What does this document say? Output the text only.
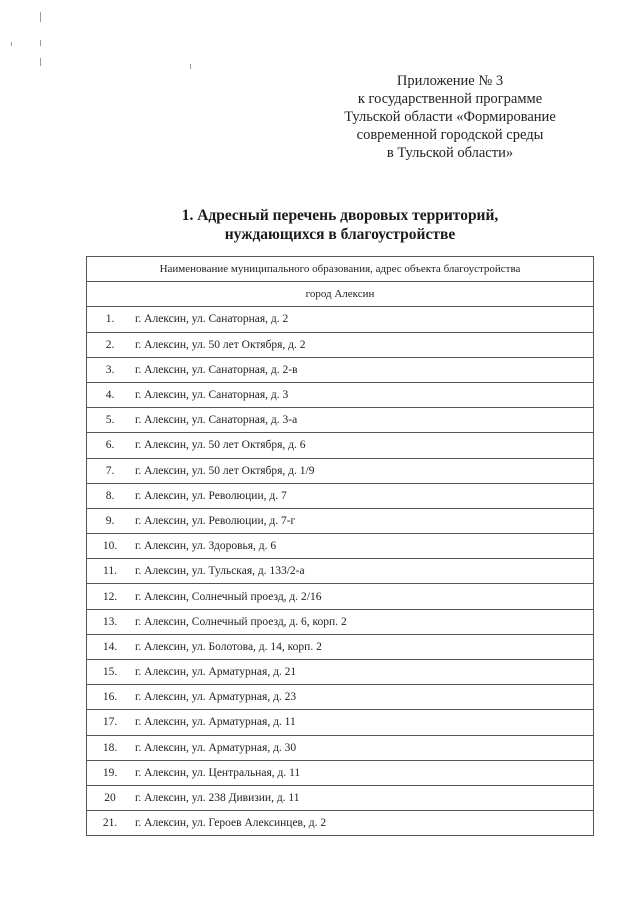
Приложение № 3
к государственной программе
Тульской области «Формирование
современной городской среды
в Тульской области»
1. Адресный перечень дворовых территорий,
нуждающихся в благоустройстве
Наименование муниципального образования, адрес объекта благоустройства	
город Алексин	
1.	г. Алексин, ул. Санаторная, д. 2
2.	г. Алексин, ул. 50 лет Октября, д. 2
3.	г. Алексин, ул. Санаторная, д. 2-в
4.	г. Алексин, ул. Санаторная, д. 3
5.	г. Алексин, ул. Санаторная, д. 3-а
6.	г. Алексин, ул. 50 лет Октября, д. 6
7.	г. Алексин, ул. 50 лет Октября, д. 1/9
8.	г. Алексин, ул. Революции, д. 7
9.	г. Алексин, ул. Революции, д. 7-г
10.	г. Алексин, ул. Здоровья, д. 6
11.	г. Алексин, ул. Тульская, д. 133/2-а
12.	г. Алексин, Солнечный проезд, д. 2/16
13.	г. Алексин, Солнечный проезд, д. 6, корп. 2
14.	г. Алексин, ул. Болотова, д. 14, корп. 2
15.	г. Алексин, ул. Арматурная, д. 21
16.	г. Алексин, ул. Арматурная, д. 23
17.	г. Алексин, ул. Арматурная, д. 11
18.	г. Алексин, ул. Арматурная, д. 30
19.	г. Алексин, ул. Центральная, д. 11
20	г. Алексин, ул. 238 Дивизии, д. 11
21.	г. Алексин, ул. Героев Алексинцев, д. 2
